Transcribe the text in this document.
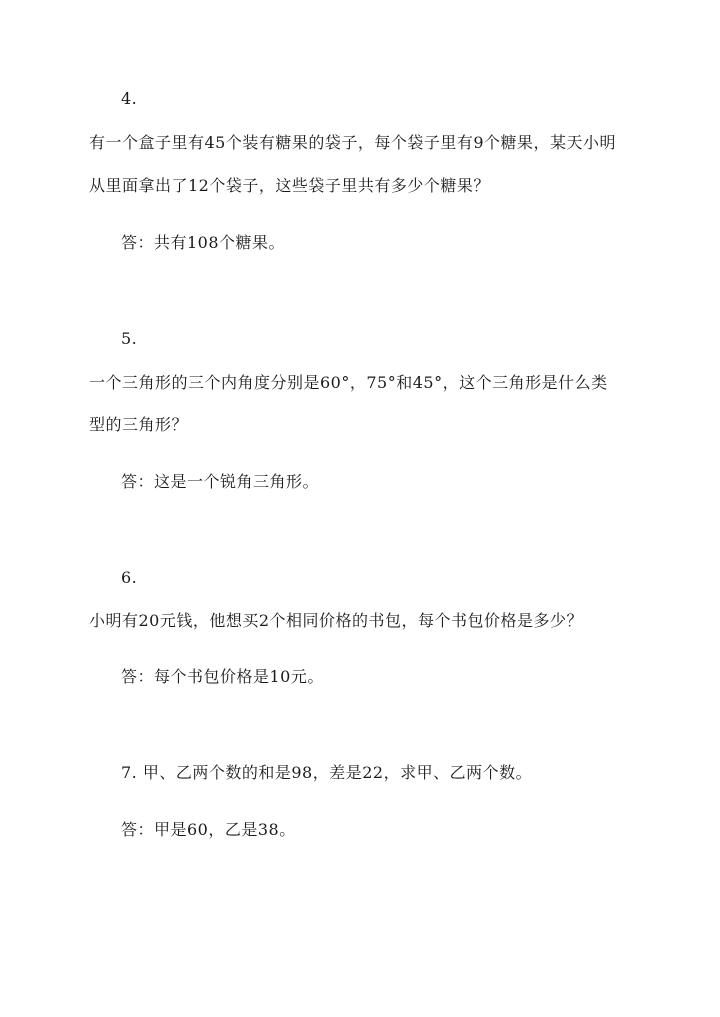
4.
有一个盒子里有45个装有糖果的袋子，每个袋子里有9个糖果，某天小明
从里面拿出了12个袋子，这些袋子里共有多少个糖果？
答：共有108个糖果。
5.
一个三角形的三个内角度分别是60°，75°和45°，这个三角形是什么类
型的三角形？
答：这是一个锐角三角形。
6.
小明有20元钱，他想买2个相同价格的书包，每个书包价格是多少？
答：每个书包价格是10元。
7. 甲、乙两个数的和是98，差是22，求甲、乙两个数。
答：甲是60，乙是38。
